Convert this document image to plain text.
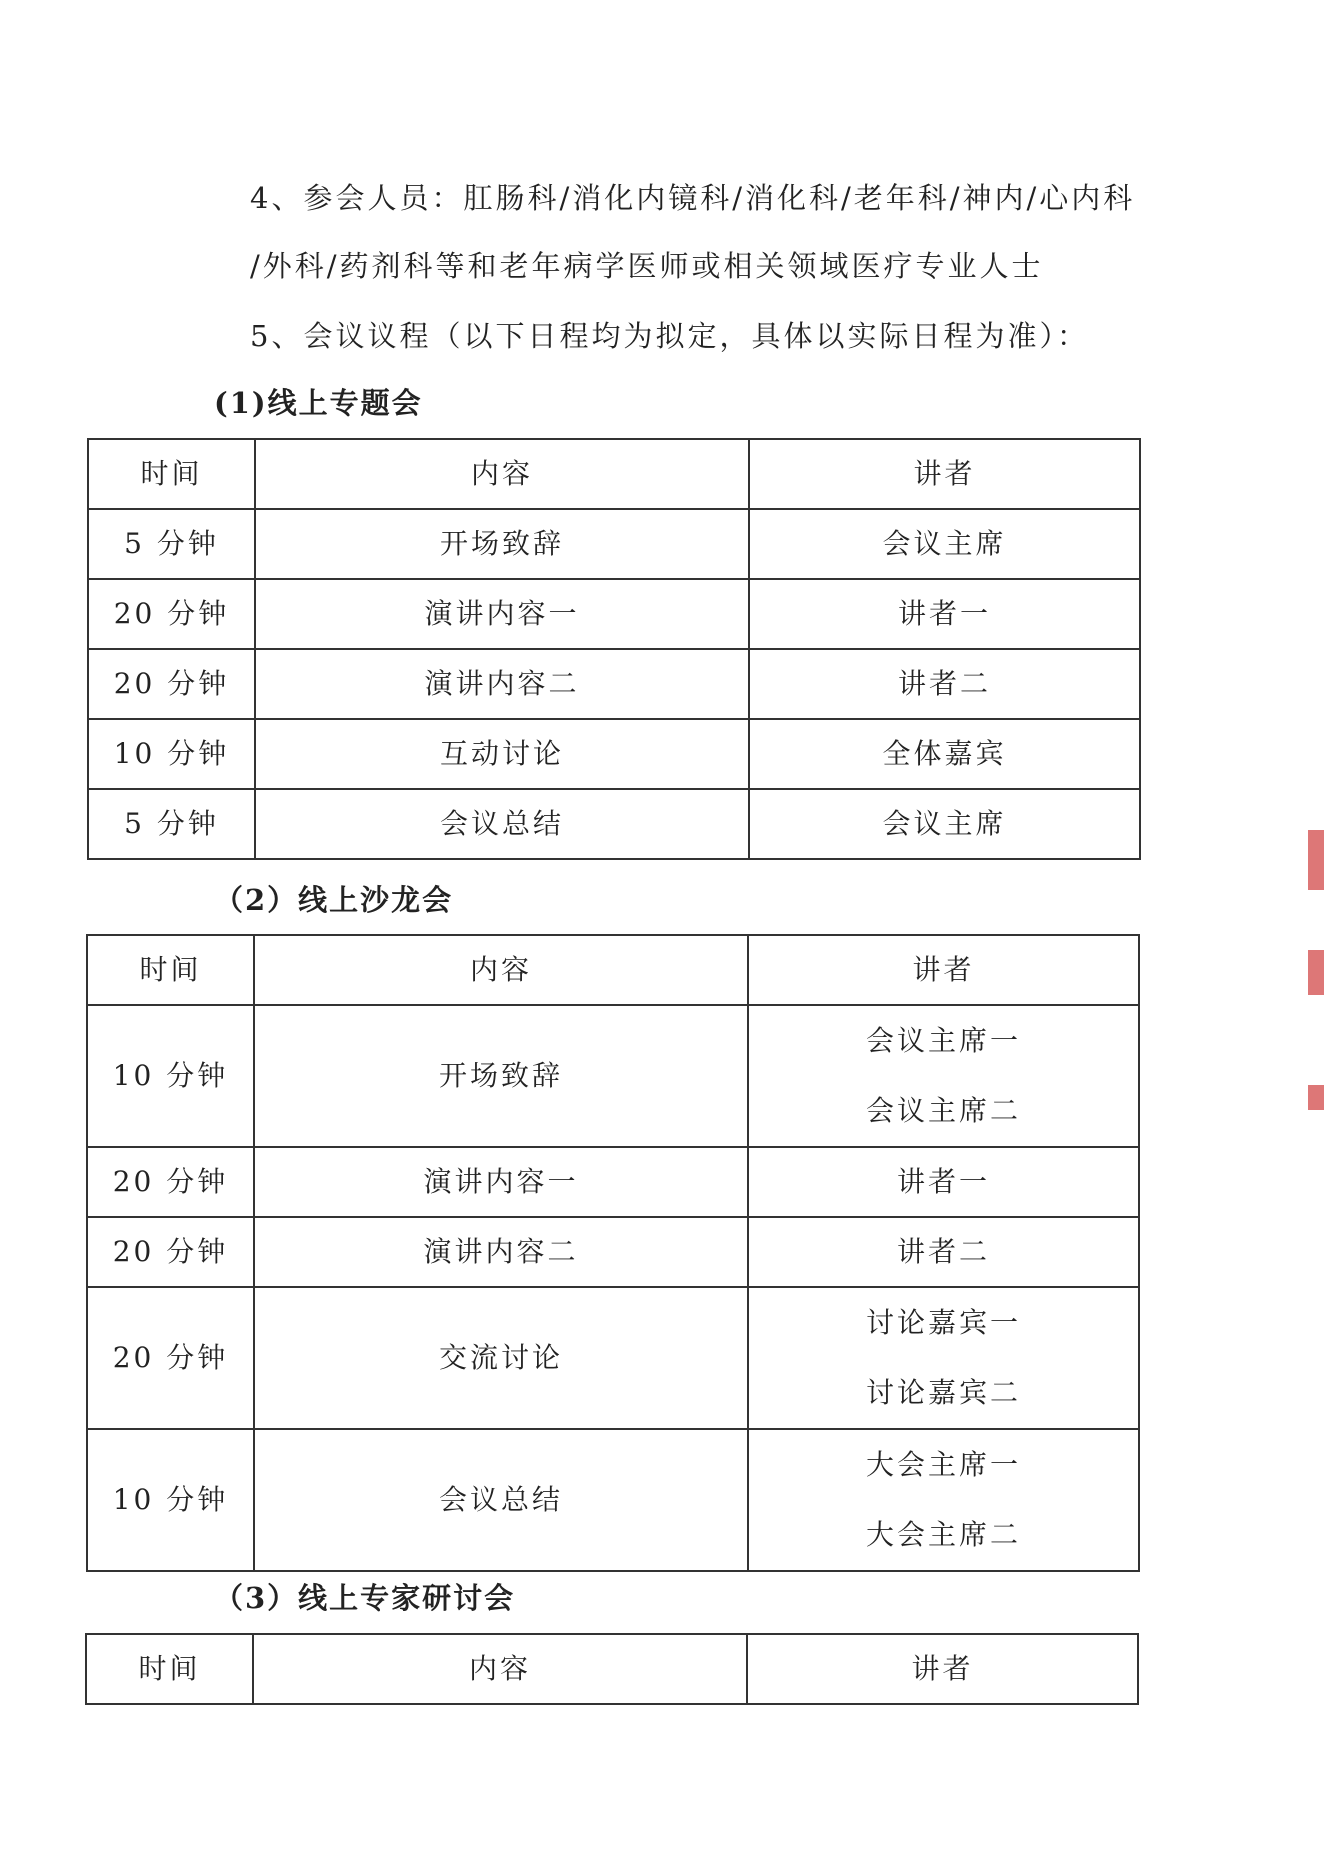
4、参会人员：肛肠科/消化内镜科/消化科/老年科/神内/心内科
/外科/药剂科等和老年病学医师或相关领域医疗专业人士
5、会议议程（以下日程均为拟定，具体以实际日程为准）：
(1)线上专题会
时间	内容	讲者
5 分钟	开场致辞	会议主席
20 分钟	演讲内容一	讲者一
20 分钟	演讲内容二	讲者二
10 分钟	互动讨论	全体嘉宾
5 分钟	会议总结	会议主席
（2）线上沙龙会
时间	内容	讲者
10 分钟	开场致辞	会议主席一
会议主席二

20 分钟	演讲内容一	讲者一
20 分钟	演讲内容二	讲者二
20 分钟	交流讨论	讨论嘉宾一
讨论嘉宾二

10 分钟	会议总结	大会主席一
大会主席二
（3）线上专家研讨会
时间	内容	讲者
